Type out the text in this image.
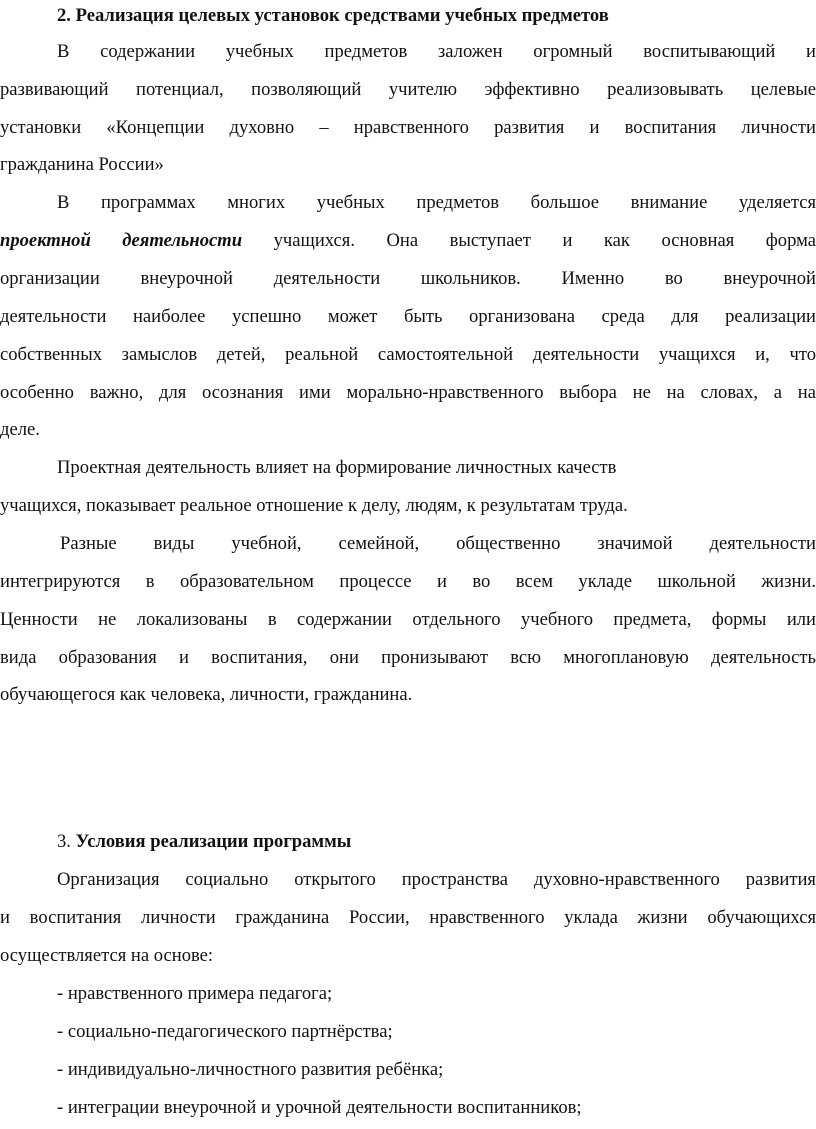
2. Реализация целевых установок средствами учебных предметов
В содержании учебных предметов заложен огромный воспитывающий и
развивающий потенциал, позволяющий учителю эффективно реализовывать целевые
установки «Концепции духовно – нравственного развития и воспитания личности
гражданина России»
В программах многих учебных предметов большое внимание уделяется
проектной деятельности учащихся. Она выступает и как основная форма
организации внеурочной деятельности школьников. Именно во внеурочной
деятельности наиболее успешно может быть организована среда для реализации
собственных замыслов детей, реальной самостоятельной деятельности учащихся и, что
особенно важно, для осознания ими морально-нравственного выбора не на словах, а на
деле.
Проектная деятельность влияет на формирование личностных качеств
учащихся, показывает реальное отношение к делу, людям, к результатам труда.
Разные виды учебной, семейной, общественно значимой деятельности
интегрируются в образовательном процессе и во всем укладе школьной жизни.
Ценности не локализованы в содержании отдельного учебного предмета, формы или
вида образования и воспитания, они пронизывают всю многоплановую деятельность
обучающегося как человека, личности, гражданина.
3. Условия реализации программы
Организация социально открытого пространства духовно-нравственного развития
и воспитания личности гражданина России, нравственного уклада жизни обучающихся
осуществляется на основе:
- нравственного примера педагога;
- социально-педагогического партнёрства;
- индивидуально-личностного развития ребёнка;
- интеграции внеурочной и урочной деятельности воспитанников;
